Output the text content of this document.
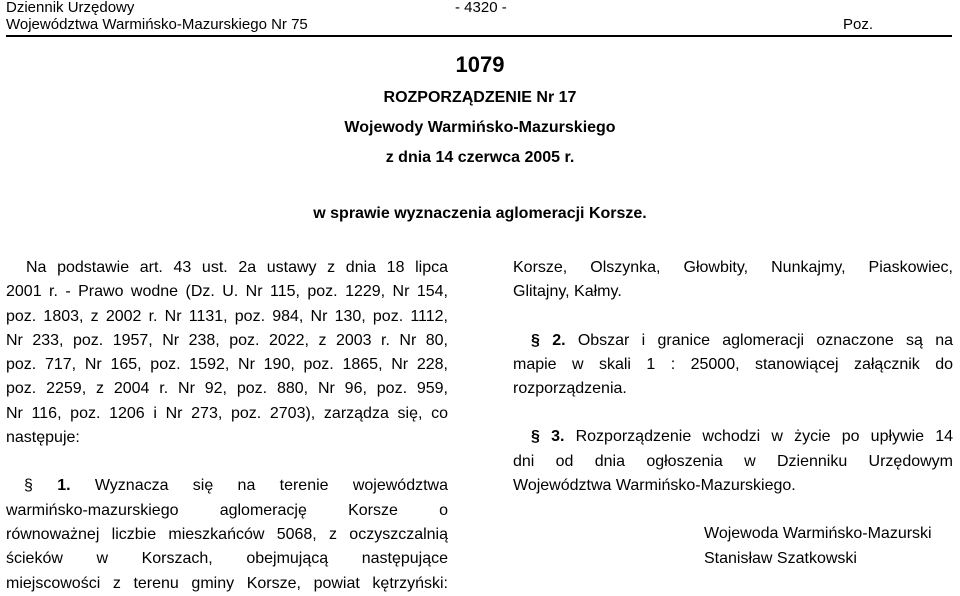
Dziennik Urzędowy
Województwa Warmińsko-Mazurskiego Nr 75
- 4320 -
Poz.
1079
ROZPORZĄDZENIE Nr 17
Wojewody Warmińsko-Mazurskiego
z dnia 14 czerwca 2005 r.
w sprawie wyznaczenia aglomeracji Korsze.
Na podstawie art. 43 ust. 2a ustawy z dnia 18 lipca
2001 r. - Prawo wodne (Dz. U. Nr 115, poz. 1229, Nr 154,
poz. 1803, z 2002 r. Nr 1131, poz. 984, Nr 130, poz. 1112,
Nr 233, poz. 1957, Nr 238, poz. 2022, z 2003 r. Nr 80,
poz. 717, Nr 165, poz. 1592, Nr 190, poz. 1865, Nr 228,
poz. 2259, z 2004 r. Nr 92, poz. 880, Nr 96, poz. 959,
Nr 116, poz. 1206 i Nr 273, poz. 2703), zarządza się, co
następuje:
§ 1. Wyznacza się na terenie województwa
warmińsko-mazurskiego aglomerację Korsze o
równoważnej liczbie mieszkańców 5068, z oczyszczalnią
ścieków w Korszach, obejmującą następujące
miejscowości z terenu gminy Korsze, powiat kętrzyński:
Korsze, Olszynka, Głowbity, Nunkajmy, Piaskowiec,
Glitajny, Kałmy.
§ 2. Obszar i granice aglomeracji oznaczone są na
mapie w skali 1 : 25000, stanowiącej załącznik do
rozporządzenia.
§ 3. Rozporządzenie wchodzi w życie po upływie 14
dni od dnia ogłoszenia w Dzienniku Urzędowym
Województwa Warmińsko-Mazurskiego.
Wojewoda Warmińsko-Mazurski
Stanisław Szatkowski
